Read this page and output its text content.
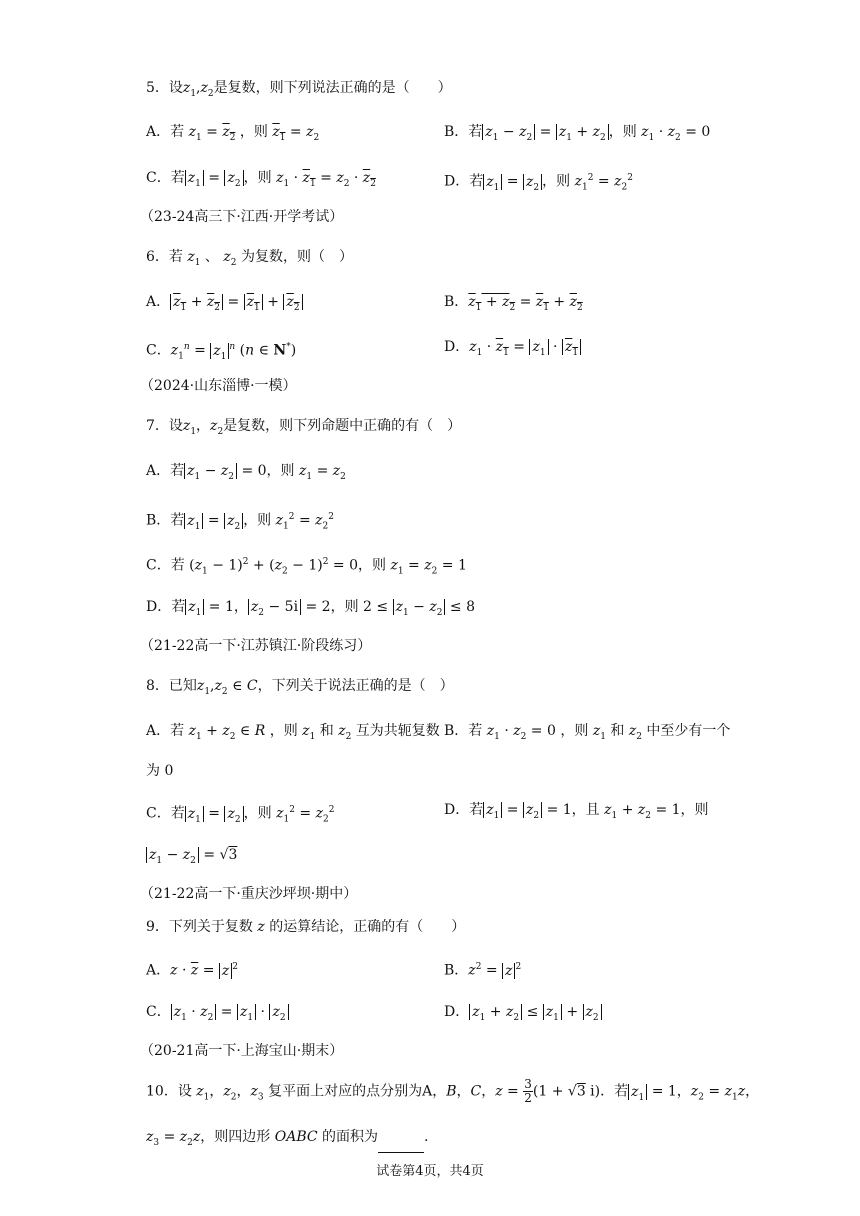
5．设$z_1,z_2$是复数，则下列说法正确的是（　　）
A．若 $z_1 = z_2$ ，则 $z_1 = z_2$	B．若 $z_1 - z_2 = z_1 + z_2$ ，则 $z_1 \cdot z_2 = 0$
C．若 $z_1 = z_2$ ，则 $z_1 \cdot z_1 = z_2 \cdot z_2$	D．若 $z_1 = z_2$ ，则 $z_1^2 = z_2^2$
（23-24高三下·江西·开学考试）
6．若 $z_1$ 、 $z_2$ 为复数，则（　）
A． $z_1 + z_2 = z_1 + z_2$	B．$z_1 + z_2 = z_1 + z_2$
C．$z_1^n = z_1^n$ (n ∈ N*)	D．$z_1 \cdot z_1 = z_1 \cdot z_1$
（2024·山东淄博·一模）
7．设$z_1$，$z_2$是复数，则下列命题中正确的有（　）
A．若 $z_1 - z_2 = 0$，则 $z_1 = z_2$
B．若 $z_1 = z_2$ ，则 $z_1^2 = z_2^2$
C．若 $(z_1 - 1)^2 + (z_2 - 1)^2 = 0$，则 $z_1 = z_2 = 1$
D．若 $z_1 = 1$， $z_2 - 5i = 2$，则 $2 \le z_1 - z_2 \le 8$
（21-22高一下·江苏镇江·阶段练习）
8．已知$z_1,z_2$ ∈ C，下列关于说法正确的是（　）
A．若 $z_1 + z_2$ ∈ R ，则 $z_1$ 和 $z_2$ 互为共轭复数 B．若 $z_1 \cdot z_2 = 0$ ，则 $z_1$ 和 $z_2$ 中至少有一个
为 0
C．若 $z_1 = z_2$ ，则 $z_1^2 = z_2^2$	D．若 $z_1 = z_2 = 1$，且 $z_1 + z_2 = 1$，则
$z_1 - z_2 = √3$
（21-22高一下·重庆沙坪坝·期中）
9．下列关于复数 z 的运算结论，正确的有（　　）
A．$z \cdot \overline{z} = z$ $^2$	B．$z^2 = z$ $^2$
C． $z_1 \cdot z_2 = z_1 \cdot z_2$	D． $z_1 + z_2 \le z_1 + z_2$
（20-21高一下·上海宝山·期末）
10．设 $z_1$，$z_2$，$z_3$ 复平面上对应的点分别为A，B，C，$z = \frac{3}{2} (1 + √3$ i)．若 $z_1 = 1$，$z_2 = z_1z$，
$z_3 = z_2z$，则四边形 OABC 的面积为	.
试卷第4页，共4页
